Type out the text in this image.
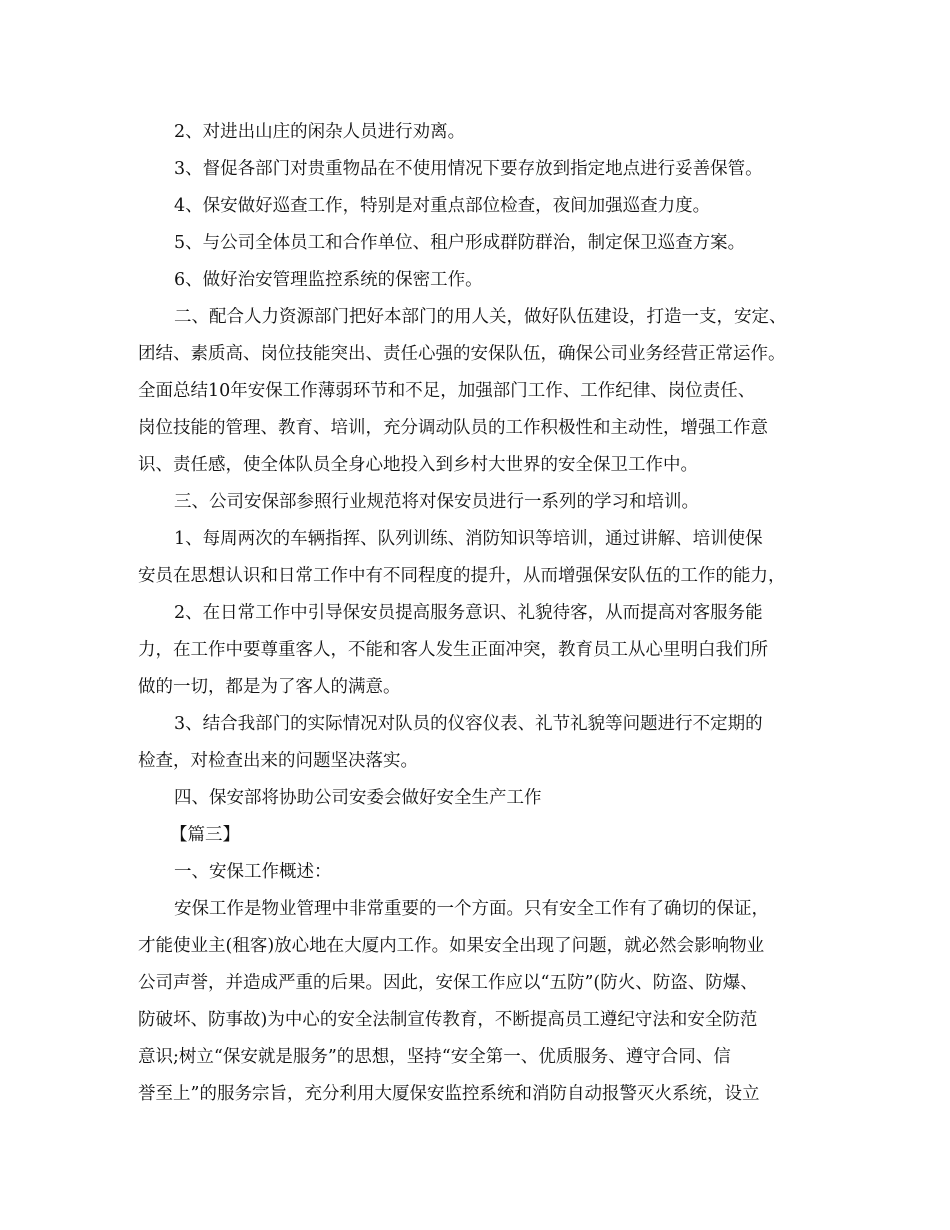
2、对进出山庄的闲杂人员进行劝离。
3、督促各部门对贵重物品在不使用情况下要存放到指定地点进行妥善保管。
4、保安做好巡查工作，特别是对重点部位检查，夜间加强巡查力度。
5、与公司全体员工和合作单位、租户形成群防群治，制定保卫巡查方案。
6、做好治安管理监控系统的保密工作。
二、配合人力资源部门把好本部门的用人关，做好队伍建设，打造一支，安定、
团结、素质高、岗位技能突出、责任心强的安保队伍，确保公司业务经营正常运作。
全面总结10年安保工作薄弱环节和不足，加强部门工作、工作纪律、岗位责任、
岗位技能的管理、教育、培训，充分调动队员的工作积极性和主动性，增强工作意
识、责任感，使全体队员全身心地投入到乡村大世界的安全保卫工作中。
三、公司安保部参照行业规范将对保安员进行一系列的学习和培训。
1、每周两次的车辆指挥、队列训练、消防知识等培训，通过讲解、培训使保
安员在思想认识和日常工作中有不同程度的提升，从而增强保安队伍的工作的能力，
2、在日常工作中引导保安员提高服务意识、礼貌待客，从而提高对客服务能
力，在工作中要尊重客人，不能和客人发生正面冲突，教育员工从心里明白我们所
做的一切，都是为了客人的满意。
3、结合我部门的实际情况对队员的仪容仪表、礼节礼貌等问题进行不定期的
检查，对检查出来的问题坚决落实。
四、保安部将协助公司安委会做好安全生产工作
【篇三】
一、安保工作概述：
安保工作是物业管理中非常重要的一个方面。只有安全工作有了确切的保证，
才能使业主(租客)放心地在大厦内工作。如果安全出现了问题，就必然会影响物业
公司声誉，并造成严重的后果。因此，安保工作应以“五防”(防火、防盗、防爆、
防破坏、防事故)为中心的安全法制宣传教育，不断提高员工遵纪守法和安全防范
意识;树立“保安就是服务”的思想，坚持“安全第一、优质服务、遵守合同、信
誉至上”的服务宗旨，充分利用大厦保安监控系统和消防自动报警灭火系统，设立
